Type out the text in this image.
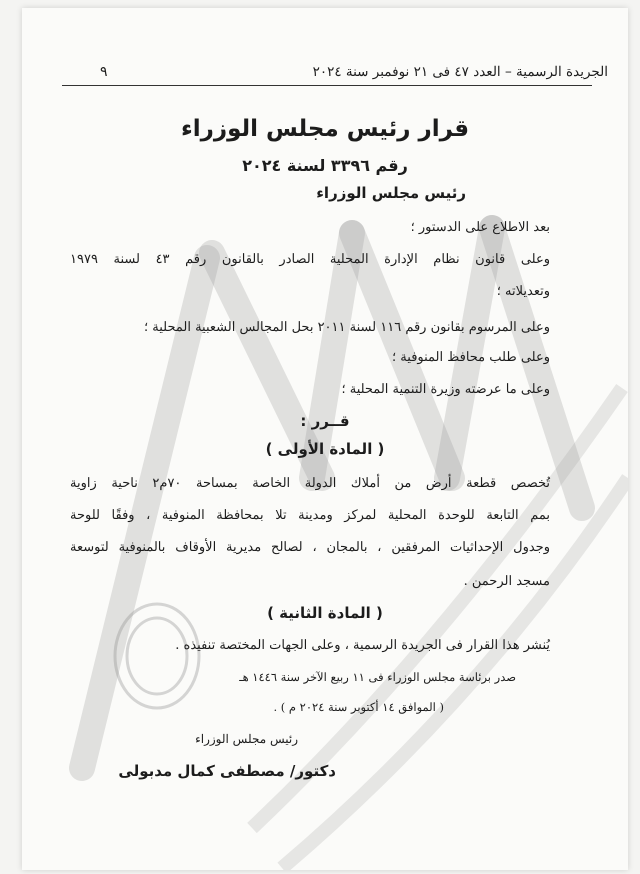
الجريدة الرسمية – العدد ٤٧ فى ٢١ نوفمبر سنة ٢٠٢٤
٩
قرار رئيس مجلس الوزراء
رقم ٣٣٩٦ لسنة ٢٠٢٤
رئيس مجلس الوزراء
بعد الاطلاع على الدستور ؛
وعلى قانون نظام الإدارة المحلية الصادر بالقانون رقم ٤٣ لسنة ١٩٧٩
وتعديلاته ؛
وعلى المرسوم بقانون رقم ١١٦ لسنة ٢٠١١ بحل المجالس الشعبية المحلية ؛
وعلى طلب محافظ المنوفية ؛
وعلى ما عرضته وزيرة التنمية المحلية ؛
قــرر :
( المادة الأولى )
تُخصص قطعة أرض من أملاك الدولة الخاصة بمساحة ٧٠م٢ ناحية زاوية
بمم التابعة للوحدة المحلية لمركز ومدينة تلا بمحافظة المنوفية ، وفقًا للوحة
وجدول الإحداثيات المرفقين ، بالمجان ، لصالح مديرية الأوقاف بالمنوفية لتوسعة
مسجد الرحمن .
( المادة الثانية )
يُنشر هذا القرار فى الجريدة الرسمية ، وعلى الجهات المختصة تنفيذه .
صدر برئاسة مجلس الوزراء فى ١١ ربيع الآخر سنة ١٤٤٦ هـ
( الموافق ١٤ أكتوبر سنة ٢٠٢٤ م ) .
رئيس مجلس الوزراء
دكتور/ مصطفى كمال مدبولى
